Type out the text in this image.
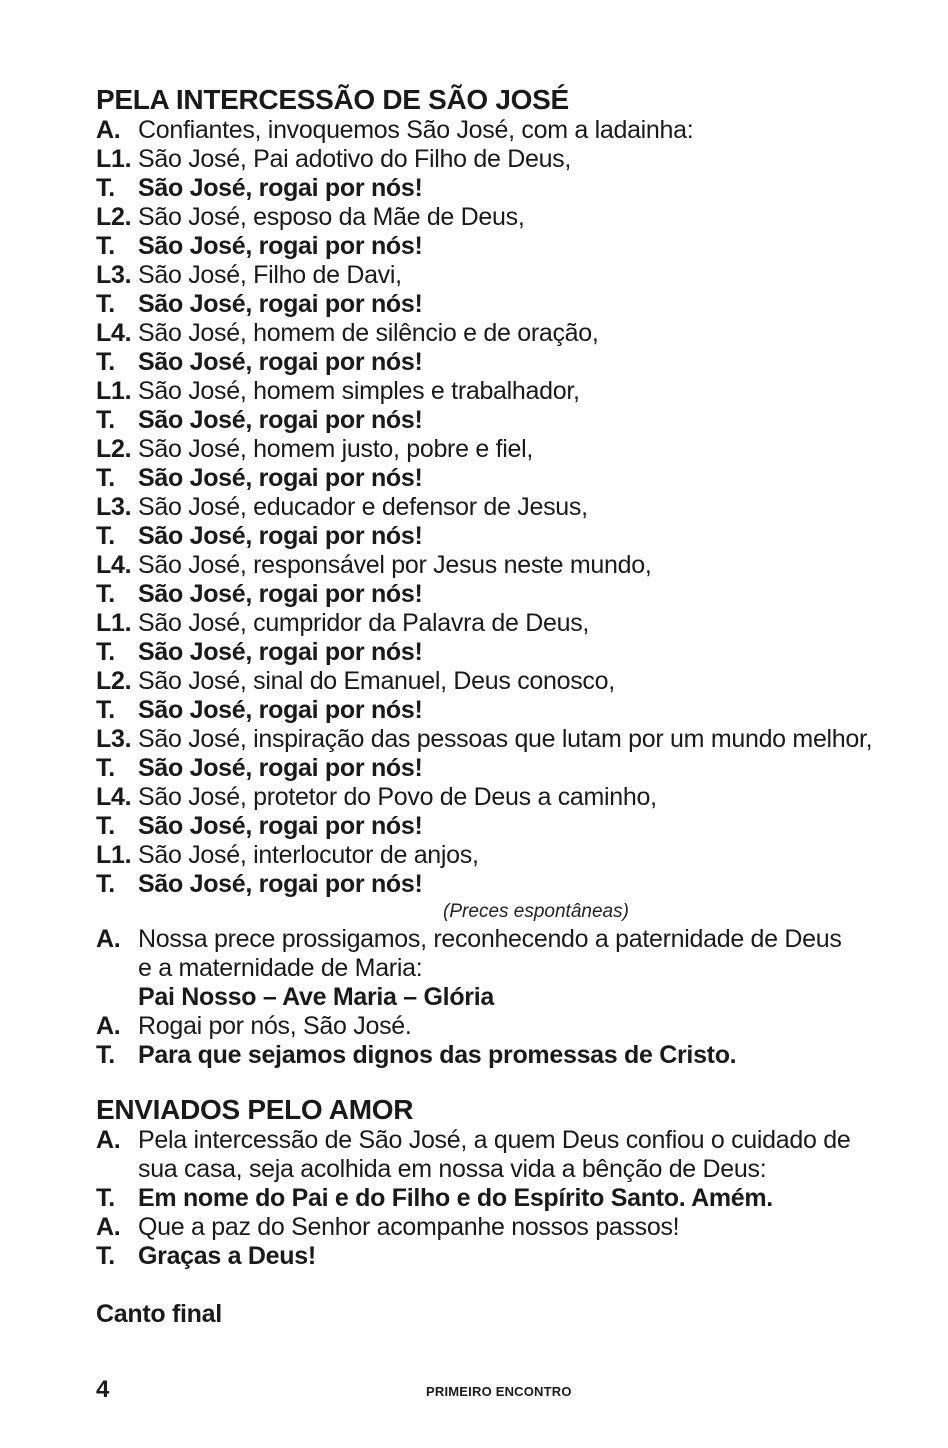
PELA INTERCESSÃO DE SÃO JOSÉ
A. Confiantes, invoquemos São José, com a ladainha:
L1. São José, Pai adotivo do Filho de Deus,
T. São José, rogai por nós!
L2. São José, esposo da Mãe de Deus,
T. São José, rogai por nós!
L3. São José, Filho de Davi,
T. São José, rogai por nós!
L4. São José, homem de silêncio e de oração,
T. São José, rogai por nós!
L1. São José, homem simples e trabalhador,
T. São José, rogai por nós!
L2. São José, homem justo, pobre e fiel,
T. São José, rogai por nós!
L3. São José, educador e defensor de Jesus,
T. São José, rogai por nós!
L4. São José, responsável por Jesus neste mundo,
T. São José, rogai por nós!
L1. São José, cumpridor da Palavra de Deus,
T. São José, rogai por nós!
L2. São José, sinal do Emanuel, Deus conosco,
T. São José, rogai por nós!
L3. São José, inspiração das pessoas que lutam por um mundo melhor,
T. São José, rogai por nós!
L4. São José, protetor do Povo de Deus a caminho,
T. São José, rogai por nós!
L1. São José, interlocutor de anjos,
T. São José, rogai por nós!
(Preces espontâneas)
A. Nossa prece prossigamos, reconhecendo a paternidade de Deus
e a maternidade de Maria:
Pai Nosso – Ave Maria – Glória
A. Rogai por nós, São José.
T. Para que sejamos dignos das promessas de Cristo.
ENVIADOS PELO AMOR
A. Pela intercessão de São José, a quem Deus confiou o cuidado de
sua casa, seja acolhida em nossa vida a bênção de Deus:
T. Em nome do Pai e do Filho e do Espírito Santo. Amém.
A. Que a paz do Senhor acompanhe nossos passos!
T. Graças a Deus!
Canto final
4	PRIMEIRO ENCONTRO
